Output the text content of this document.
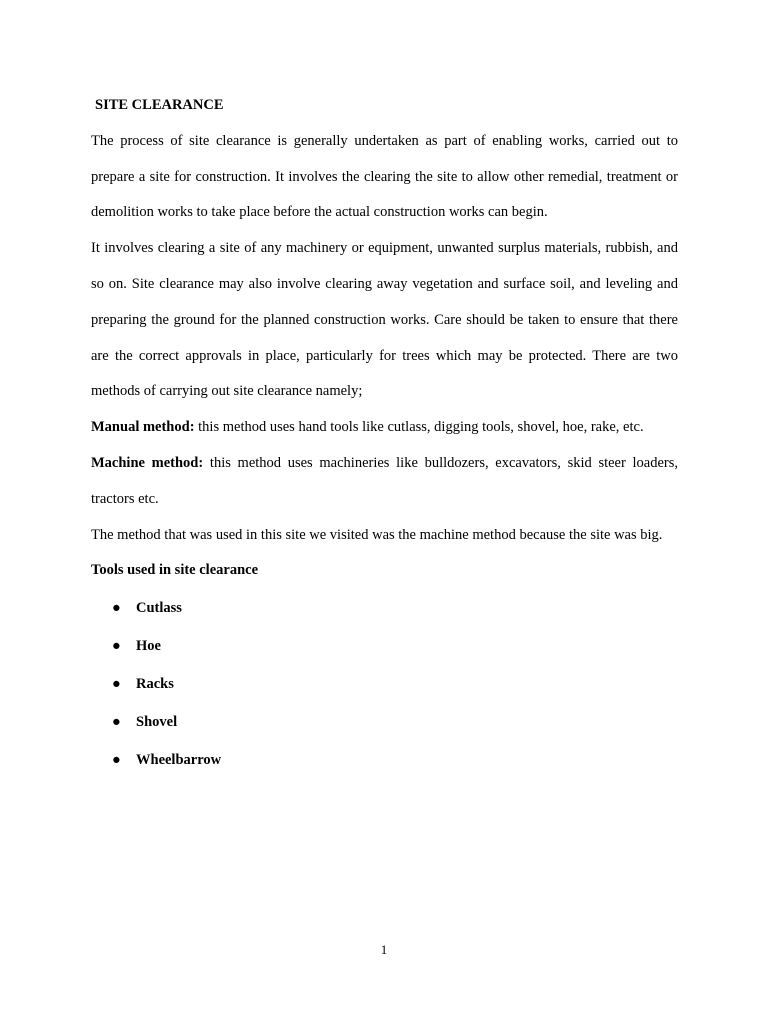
SITE CLEARANCE

The process of site clearance is generally undertaken as part of enabling works, carried out to prepare a site for construction. It involves the clearing the site to allow other remedial, treatment or demolition works to take place before the actual construction works can begin.

It involves clearing a site of any machinery or equipment, unwanted surplus materials, rubbish, and so on. Site clearance may also involve clearing away vegetation and surface soil, and leveling and preparing the ground for the planned construction works. Care should be taken to ensure that there are the correct approvals in place, particularly for trees which may be protected. There are two methods of carrying out site clearance namely;

Manual method: this method uses hand tools like cutlass, digging tools, shovel, hoe, rake, etc.

Machine method: this method uses machineries like bulldozers, excavators, skid steer loaders, tractors etc.

The method that was used in this site we visited was the machine method because the site was big.

Tools used in site clearance

● Cutlass
● Hoe
● Racks
● Shovel
● Wheelbarrow
1
